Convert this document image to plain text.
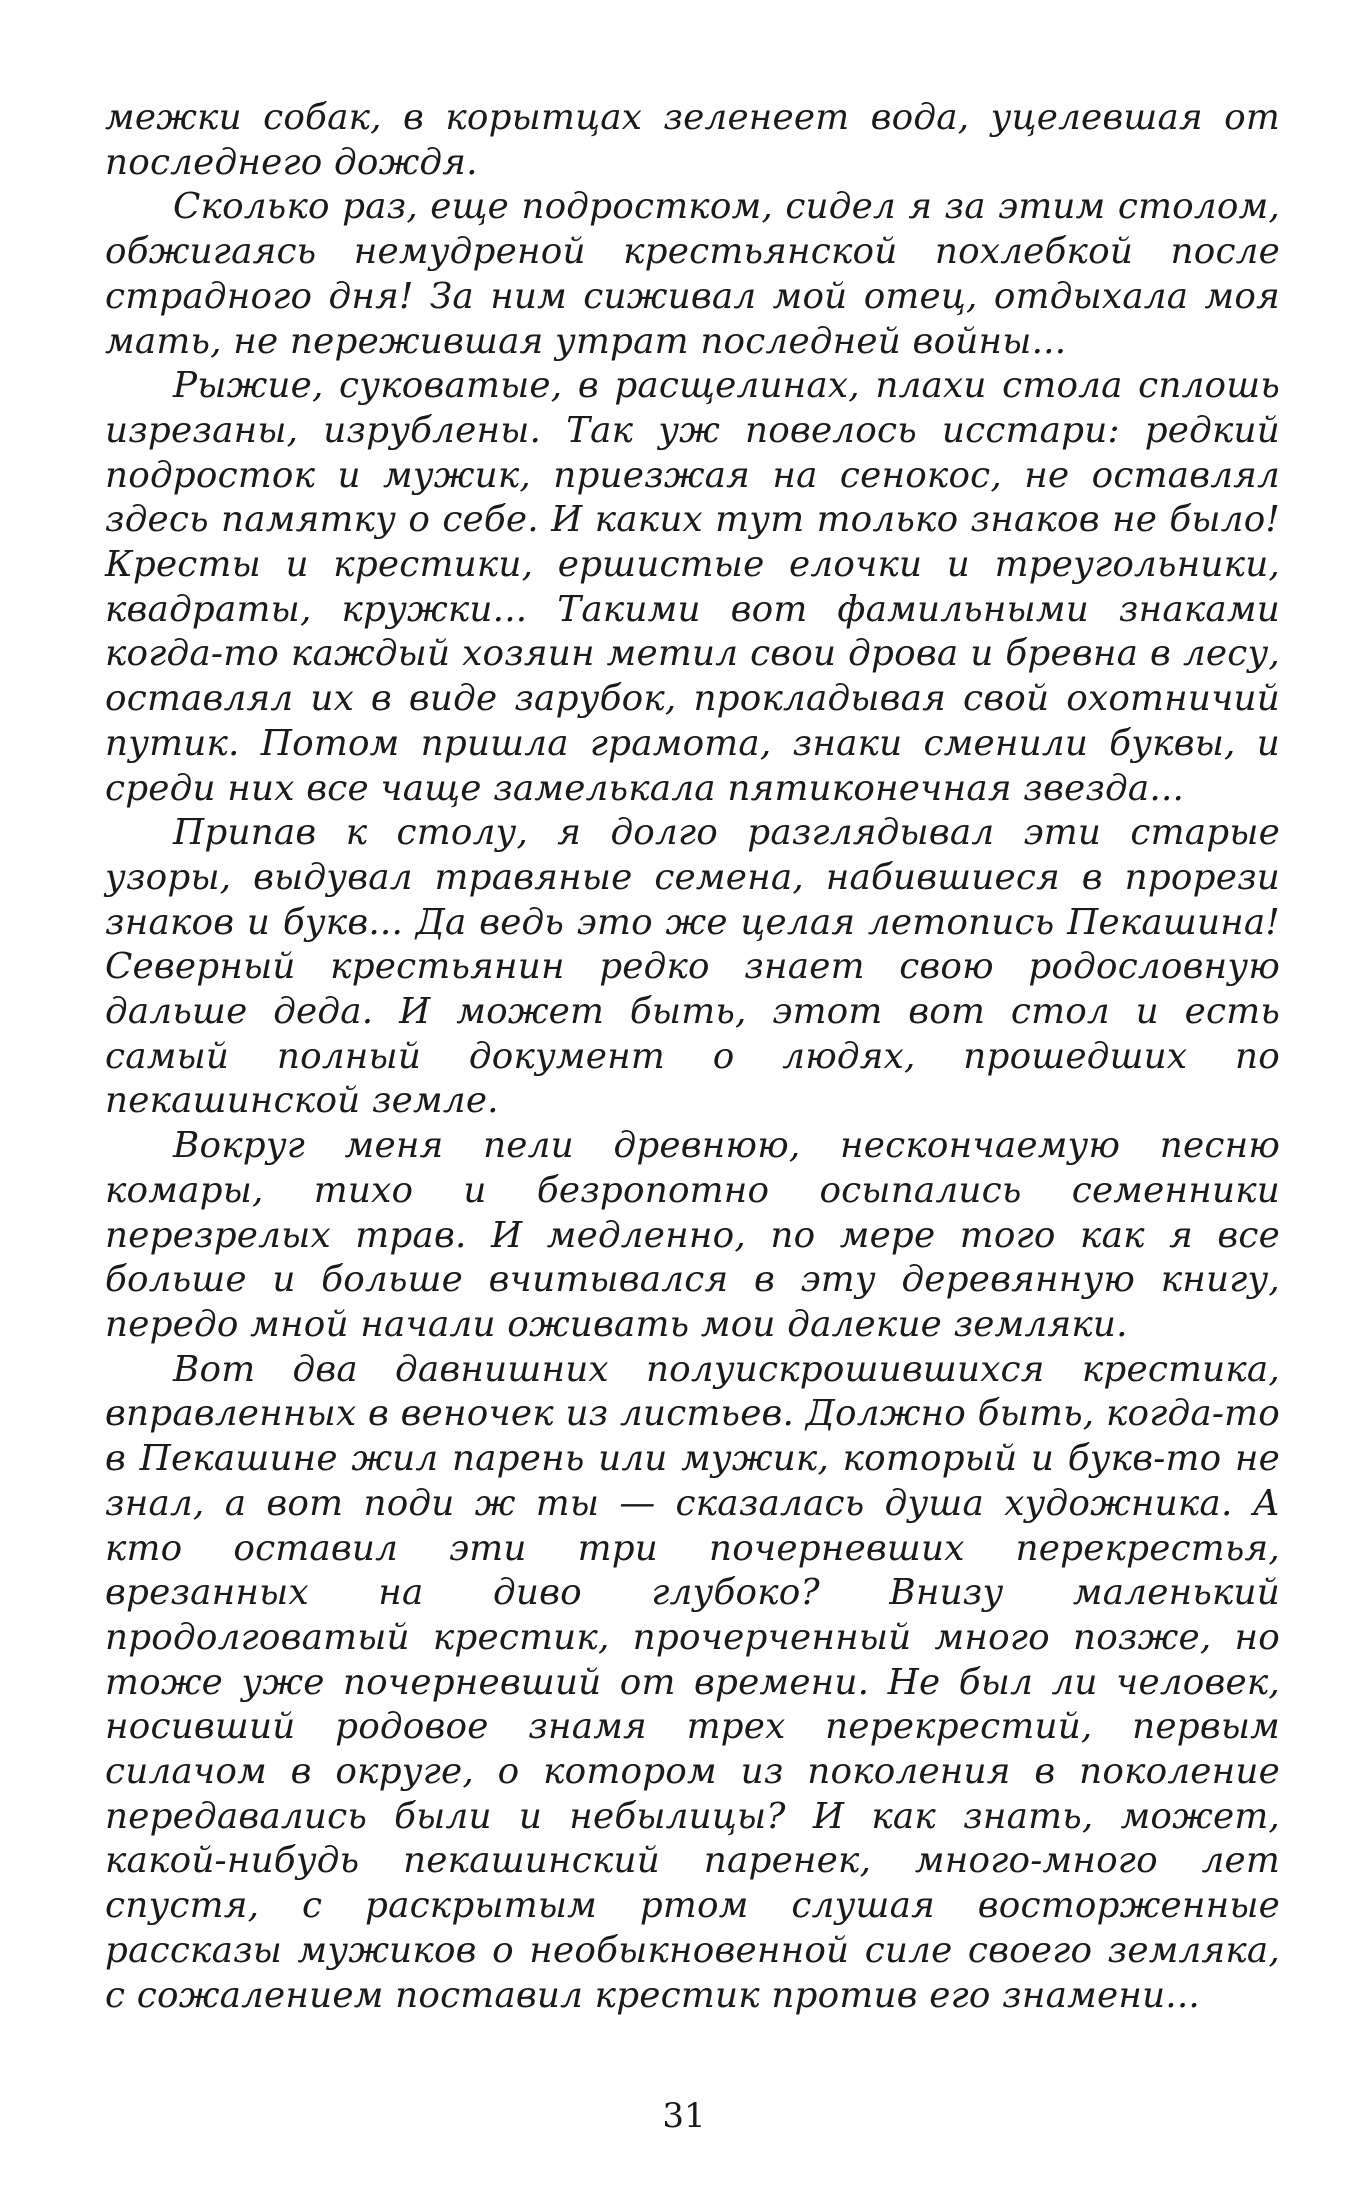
межки собак, в корытцах зеленеет вода, уцелевшая от последнего дождя.

Сколько раз, еще подростком, сидел я за этим столом, обжигаясь немудреной крестьянской похлебкой после страдного дня! За ним сиживал мой отец, отдыхала моя мать, не пережившая утрат последней войны...

Рыжие, суковатые, в расщелинах, плахи стола сплошь изрезаны, изрублены. Так уж повелось исстари: редкий подросток и мужик, приезжая на сенокос, не оставлял здесь памятку о себе. И каких тут только знаков не было! Кресты и крестики, ершистые елочки и треугольники, квадраты, кружки... Такими вот фамильными знаками когда-то каждый хозяин метил свои дрова и бревна в лесу, оставлял их в виде зарубок, прокладывая свой охотничий путик. Потом пришла грамота, знаки сменили буквы, и среди них все чаще замелькала пятиконечная звезда...

Припав к столу, я долго разглядывал эти старые узоры, выдувал травяные семена, набившиеся в прорези знаков и букв... Да ведь это же целая летопись Пекашина! Северный крестьянин редко знает свою родословную дальше деда. И может быть, этот вот стол и есть самый полный документ о людях, прошедших по пекашинской земле.

Вокруг меня пели древнюю, нескончаемую песню комары, тихо и безропотно осыпались семенники перезрелых трав. И медленно, по мере того как я все больше и больше вчитывался в эту деревянную книгу, передо мной начали оживать мои далекие земляки.

Вот два давнишних полуискрошившихся крестика, вправленных в веночек из листьев. Должно быть, когда-то в Пекашине жил парень или мужик, который и букв-то не знал, а вот поди ж ты — сказалась душа художника. А кто оставил эти три почерневших перекрестья, врезанных на диво глубоко? Внизу маленький продолговатый крестик, прочерченный много позже, но тоже уже почерневший от времени. Не был ли человек, носивший родовое знамя трех перекрестий, первым силачом в округе, о котором из поколения в поколение передавались были и небылицы? И как знать, может, какой-нибудь пекашинский паренек, много-много лет спустя, с раскрытым ртом слушая восторженные рассказы мужиков о необыкновенной силе своего земляка, с сожалением поставил крестик против его знамени...

31
